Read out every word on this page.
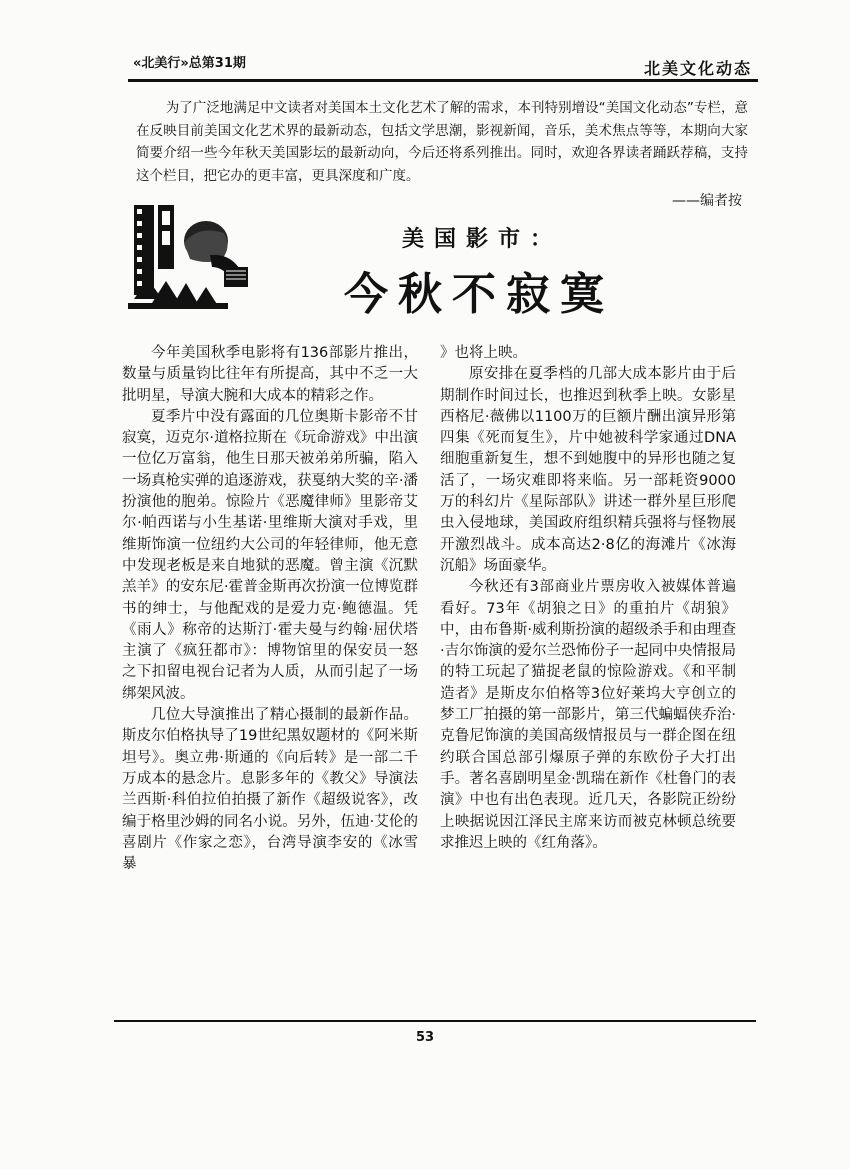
«北美行»总第31期	北美文化动态

为了广泛地满足中文读者对美国本土文化艺术了解的需求，本刊特别增设“美国文化动态”专栏，意在反映目前美国文化艺术界的最新动态，包括文学思潮，影视新闻，音乐，美术焦点等等，本期向大家简要介绍一些今年秋天美国影坛的最新动向，今后还将系列推出。同时，欢迎各界读者踊跃荐稿，支持这个栏目，把它办的更丰富，更具深度和广度。

——编者按
美国影市：
今秋不寂寞

今年美国秋季电影将有136部影片推出，数量与质量钧比往年有所提高，其中不乏一大批明星，导演大腕和大成本的精彩之作。

夏季片中没有露面的几位奥斯卡影帝不甘寂寞，迈克尔·道格拉斯在《玩命游戏》中出演一位亿万富翁，他生日那天被弟弟所骗，陷入一场真枪实弹的追逐游戏，获戛纳大奖的辛·潘扮演他的胞弟。惊险片《恶魔律师》里影帝艾尔·帕西诺与小生基诺·里维斯大演对手戏，里维斯饰演一位纽约大公司的年轻律师，他无意中发现老板是来自地狱的恶魔。曾主演《沉默羔羊》的安东尼·霍普金斯再次扮演一位博览群书的绅士，与他配戏的是爱力克·鲍德温。凭《雨人》称帝的达斯汀·霍夫曼与约翰·屈伏塔主演了《疯狂都市》：博物馆里的保安员一怒之下扣留电视台记者为人质，从而引起了一场绑架风波。

几位大导演推出了精心摄制的最新作品。斯皮尔伯格执导了19世纪黑奴题材的《阿米斯坦号》。奥立弗·斯通的《向后转》是一部二千万成本的悬念片。息影多年的《教父》导演法兰西斯·科伯拉伯拍摄了新作《超级说客》，改编于格里沙姆的同名小说。另外，伍迪·艾伦的喜剧片《作家之恋》，台湾导演李安的《冰雪暴

》也将上映。

原安排在夏季档的几部大成本影片由于后期制作时间过长，也推迟到秋季上映。女影星西格尼·薇佛以1100万的巨额片酬出演异形第四集《死而复生》，片中她被科学家通过DNA细胞重新复生，想不到她腹中的异形也随之复活了，一场灾难即将来临。另一部耗资9000万的科幻片《星际部队》讲述一群外星巨形爬虫入侵地球，美国政府组织精兵强将与怪物展开激烈战斗。成本高达2·8亿的海滩片《冰海沉船》场面豪华。

今秋还有3部商业片票房收入被媒体普遍看好。73年《胡狼之日》的重拍片《胡狼》中，由布鲁斯·威利斯扮演的超级杀手和由理查·吉尔饰演的爱尔兰恐怖份子一起同中央情报局的特工玩起了猫捉老鼠的惊险游戏。《和平制造者》是斯皮尔伯格等3位好莱坞大亨创立的梦工厂拍摄的第一部影片，第三代蝙蝠侠乔治·克鲁尼饰演的美国高级情报员与一群企图在纽约联合国总部引爆原子弹的东欧份子大打出手。著名喜剧明星金·凯瑞在新作《杜鲁门的表演》中也有出色表现。近几天，各影院正纷纷上映据说因江泽民主席来访而被克林顿总统要求推迟上映的《红角落》。

53
